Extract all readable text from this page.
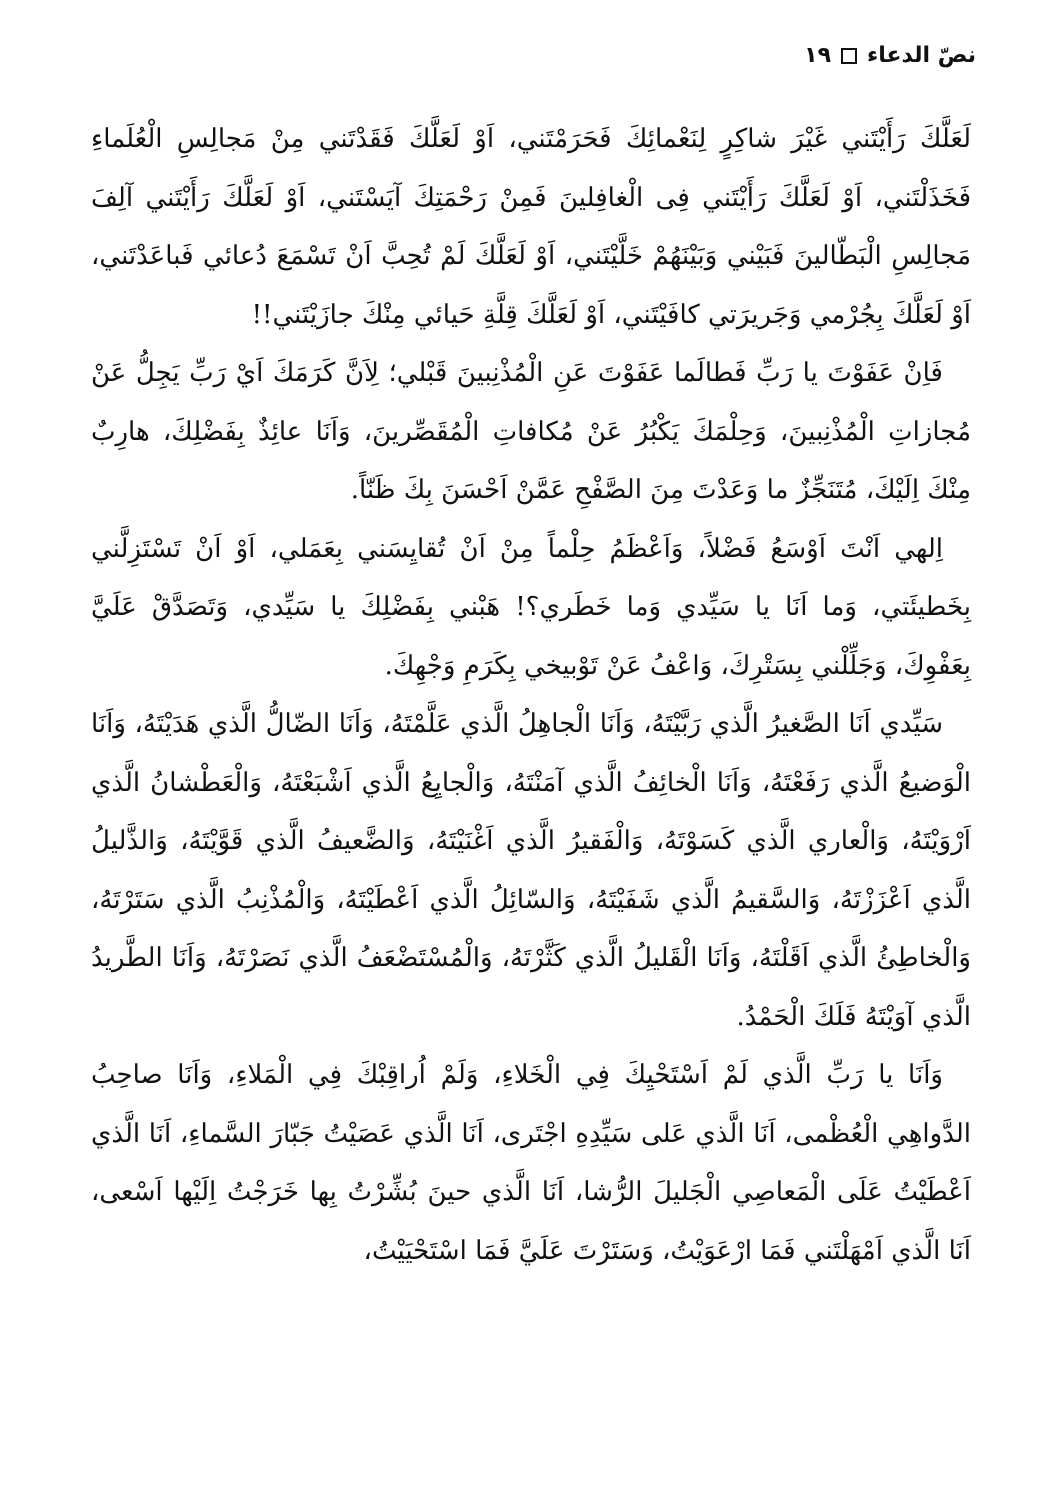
نصّ الدعاء
١٩

لَعَلَّكَ رَأَيْتَني غَيْرَ شاكِرٍ لِنَعْمائِكَ فَحَرَمْتَني، اَوْ لَعَلَّكَ فَقَدْتَني مِنْ مَجالِسِ الْعُلَماءِ فَخَذَلْتَني، اَوْ لَعَلَّكَ رَأَيْتَني فِى الْغافِلينَ فَمِنْ رَحْمَتِكَ آيَسْتَني، اَوْ لَعَلَّكَ رَأَيْتَني آلِفَ مَجالِسِ الْبَطّالينَ فَبَيْني وَبَيْنَهُمْ خَلَّيْتَني، اَوْ لَعَلَّكَ لَمْ تُحِبَّ اَنْ تَسْمَعَ دُعائي فَباعَدْتَني، اَوْ لَعَلَّكَ بِجُرْمي وَجَريرَتي كافَيْتَني، اَوْ لَعَلَّكَ قِلَّةِ حَيائي مِنْكَ جازَيْتَني!!

فَاِنْ عَفَوْتَ يا رَبِّ فَطالَما عَفَوْتَ عَنِ الْمُذْنِبينَ قَبْلي؛ لِاَنَّ كَرَمَكَ اَيْ رَبِّ يَجِلُّ عَنْ مُجازاتِ الْمُذْنِبينَ، وَحِلْمَكَ يَكْبُرُ عَنْ مُكافاتِ الْمُقَصِّرينَ، وَاَنَا عائِذٌ بِفَضْلِكَ، هارِبٌ مِنْكَ اِلَيْكَ، مُتَنَجِّزٌ ما وَعَدْتَ مِنَ الصَّفْحِ عَمَّنْ اَحْسَنَ بِكَ ظَنّاً.

اِلهي اَنْتَ اَوْسَعُ فَضْلاً، وَاَعْظَمُ حِلْماً مِنْ اَنْ تُقايِسَني بِعَمَلي، اَوْ اَنْ تَسْتَزِلَّني بِخَطيئَتي، وَما اَنَا يا سَيِّدي وَما خَطَري؟! هَبْني بِفَضْلِكَ يا سَيِّدي، وَتَصَدَّقْ عَلَيَّ بِعَفْوِكَ، وَجَلِّلْني بِسَتْرِكَ، وَاعْفُ عَنْ تَوْبيخي بِكَرَمِ وَجْهِكَ.

سَيِّدي اَنَا الصَّغيرُ الَّذي رَبَّيْتَهُ، وَاَنَا الْجاهِلُ الَّذي عَلَّمْتَهُ، وَاَنَا الضّالُّ الَّذي هَدَيْتَهُ، وَاَنَا الْوَضيعُ الَّذي رَفَعْتَهُ، وَاَنَا الْخائِفُ الَّذي آمَنْتَهُ، وَالْجايِعُ الَّذي اَشْبَعْتَهُ، وَالْعَطْشانُ الَّذي اَرْوَيْتَهُ، وَالْعاري الَّذي كَسَوْتَهُ، وَالْفَقيرُ الَّذي اَغْنَيْتَهُ، وَالضَّعيفُ الَّذي قَوَّيْتَهُ، وَالذَّليلُ الَّذي اَعْزَزْتَهُ، وَالسَّقيمُ الَّذي شَفَيْتَهُ، وَالسّائِلُ الَّذي اَعْطَيْتَهُ، وَالْمُذْنِبُ الَّذي سَتَرْتَهُ، وَالْخاطِئُ الَّذي اَقَلْتَهُ، وَاَنَا الْقَليلُ الَّذي كَثَّرْتَهُ، وَالْمُسْتَضْعَفُ الَّذي نَصَرْتَهُ، وَاَنَا الطَّريدُ الَّذي آوَيْتَهُ فَلَكَ الْحَمْدُ.

وَاَنَا يا رَبِّ الَّذي لَمْ اَسْتَحْيِكَ فِي الْخَلاءِ، وَلَمْ اُراقِبْكَ فِي الْمَلاءِ، وَاَنَا صاحِبُ الدَّواهِي الْعُظْمى، اَنَا الَّذي عَلى سَيِّدِهِ اجْتَرى، اَنَا الَّذي عَصَيْتُ جَبّارَ السَّماءِ، اَنَا الَّذي اَعْطَيْتُ عَلَى الْمَعاصِي الْجَليلَ الرُّشا، اَنَا الَّذي حينَ بُشِّرْتُ بِها خَرَجْتُ اِلَيْها اَسْعى، اَنَا الَّذي اَمْهَلْتَني فَمَا ارْعَوَيْتُ، وَسَتَرْتَ عَلَيَّ فَمَا اسْتَحْيَيْتُ،
